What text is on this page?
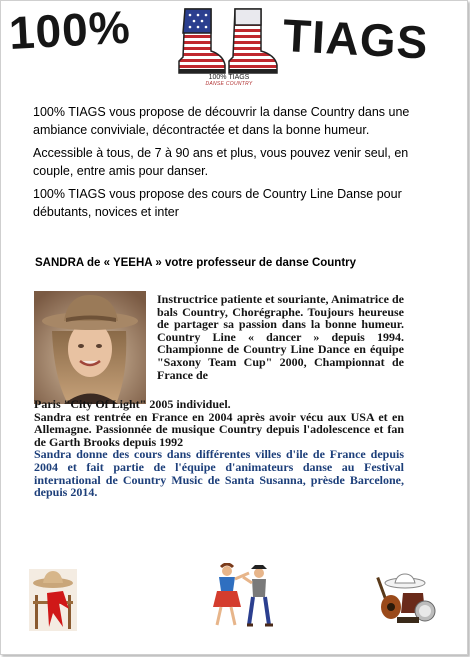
100%
100% TIAGS
DANSE COUNTRY
TIAGS

100% TIAGS vous propose de découvrir la danse Country dans une ambiance conviviale, décontractée et dans la bonne humeur.

Accessible à tous, de 7 à 90 ans et plus, vous pouvez venir seul, en couple, entre amis pour danser.

100% TIAGS vous propose des cours de Country Line Danse pour débutants, novices et inter

SANDRA de « YEEHA » votre professeur de danse Country

Instructrice patiente et souriante, Animatrice de bals Country, Chorégraphe. Toujours heureuse de partager sa passion dans la bonne humeur. Country Line « dancer » depuis 1994. Championne de Country Line Dance en équipe "Saxony Team Cup" 2000, Championnat de France de

Paris "City Of Light" 2005 individuel.

Sandra est rentrée en France en 2004 après avoir vécu aux USA et en Allemagne. Passionnée de musique Country depuis l'adolescence et fan de Garth Brooks depuis 1992

Sandra donne des cours dans différentes villes d'ile de France depuis 2004 et fait partie de l'équipe d'animateurs danse au Festival international de Country Music de Santa Susanna, prèsde Barcelone, depuis 2014.
